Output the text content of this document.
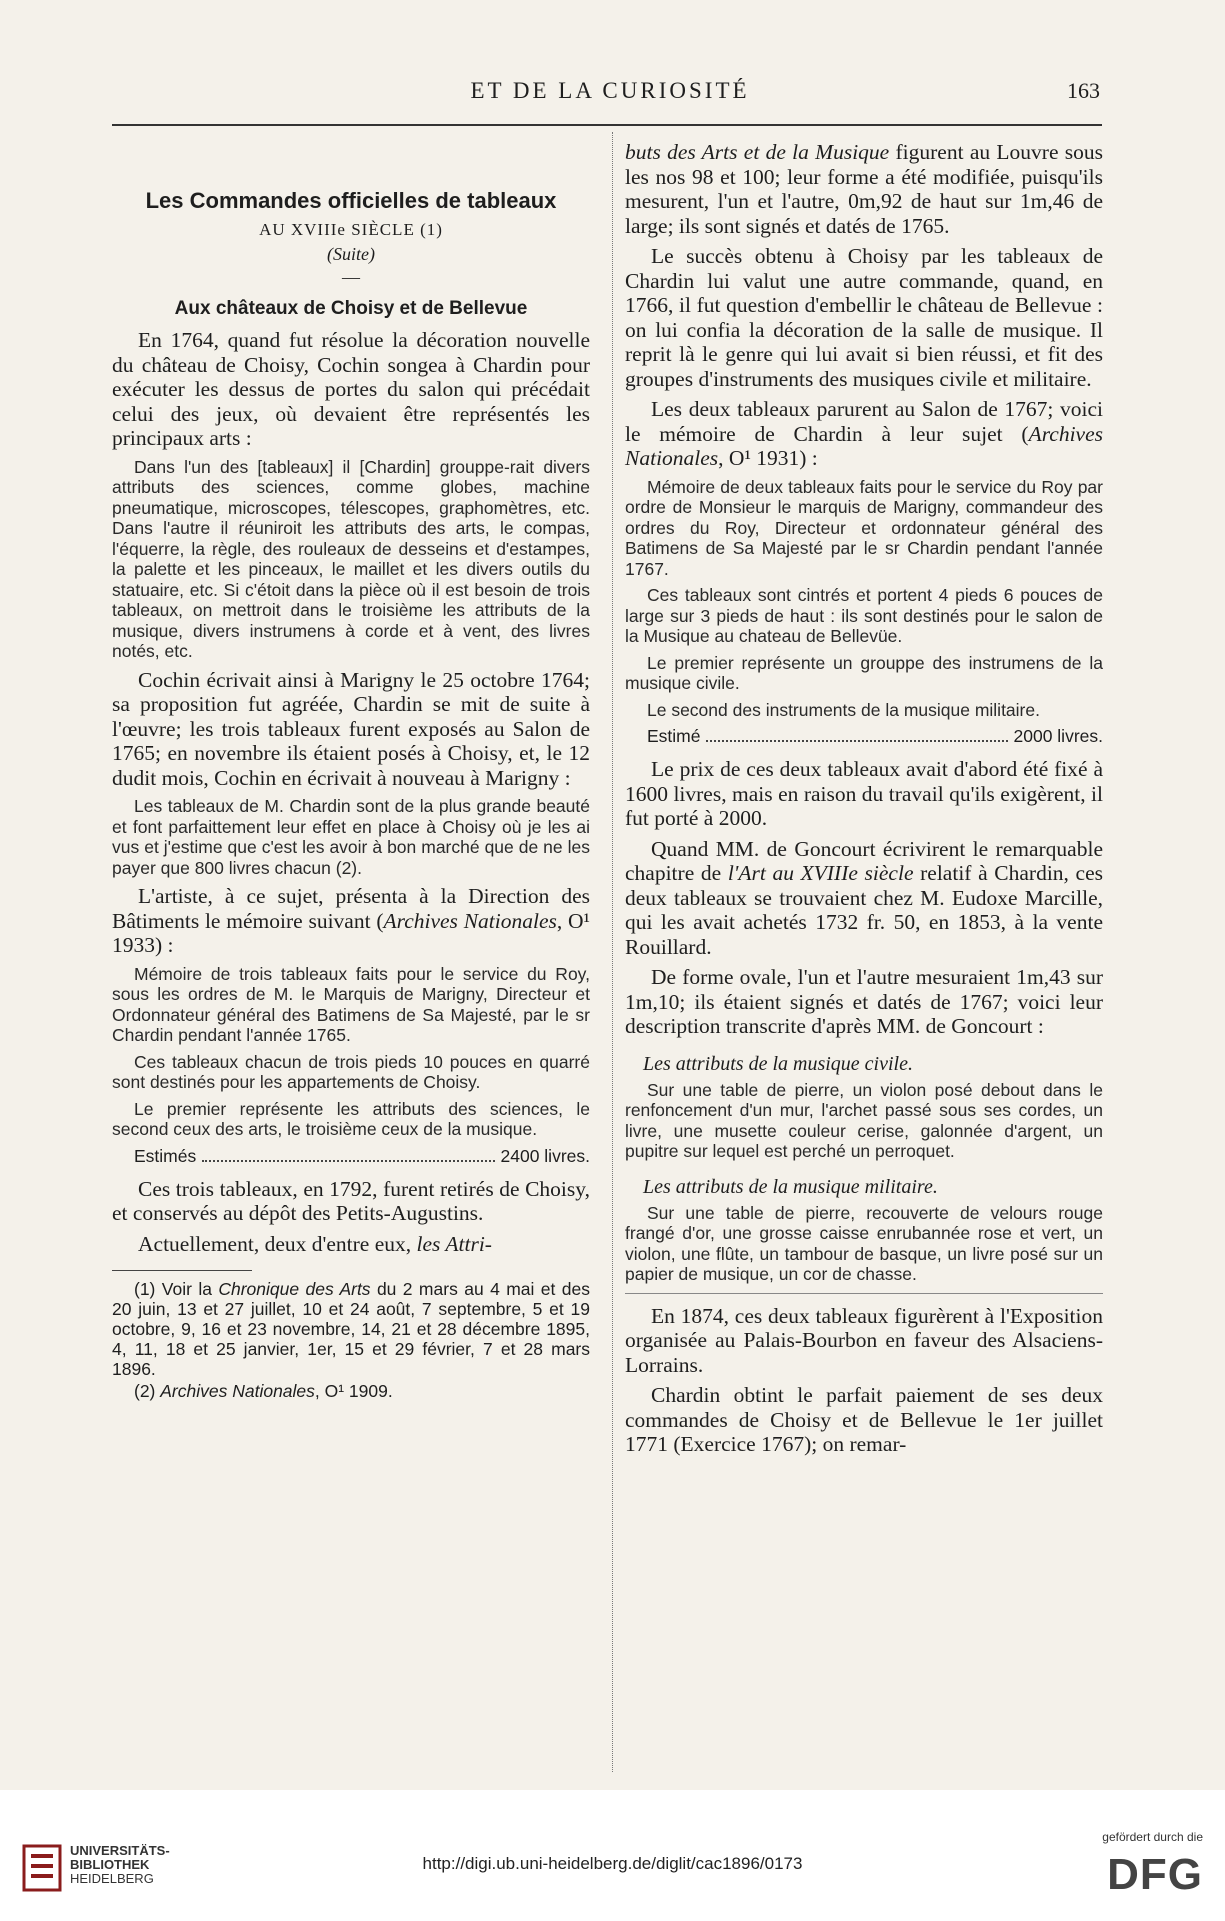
ET DE LA CURIOSITÉ	163
Les Commandes officielles de tableaux
AU XVIIIe SIÈCLE (1)
(Suite)
—
Aux châteaux de Choisy et de Bellevue

En 1764, quand fut résolue la décoration nouvelle du château de Choisy, Cochin songea à Chardin pour exécuter les dessus de portes du salon qui précédait celui des jeux, où devaient être représentés les principaux arts :

Dans l'un des [tableaux] il [Chardin] grouppe-rait divers attributs des sciences, comme globes, machine pneumatique, microscopes, télescopes, graphomètres, etc. Dans l'autre il réuniroit les attributs des arts, le compas, l'équerre, la règle, des rouleaux de desseins et d'estampes, la palette et les pinceaux, le maillet et les divers outils du statuaire, etc. Si c'étoit dans la pièce où il est besoin de trois tableaux, on mettroit dans le troisième les attributs de la musique, divers instrumens à corde et à vent, des livres notés, etc.

Cochin écrivait ainsi à Marigny le 25 octobre 1764; sa proposition fut agréée, Chardin se mit de suite à l'œuvre; les trois tableaux furent exposés au Salon de 1765; en novembre ils étaient posés à Choisy, et, le 12 dudit mois, Cochin en écrivait à nouveau à Marigny :

Les tableaux de M. Chardin sont de la plus grande beauté et font parfaittement leur effet en place à Choisy où je les ai vus et j'estime que c'est les avoir à bon marché que de ne les payer que 800 livres chacun (2).

L'artiste, à ce sujet, présenta à la Direction des Bâtiments le mémoire suivant (Archives Nationales, O¹ 1933) :

Mémoire de trois tableaux faits pour le service du Roy, sous les ordres de M. le Marquis de Marigny, Directeur et Ordonnateur général des Batimens de Sa Majesté, par le sr Chardin pendant l'année 1765.

Ces tableaux chacun de trois pieds 10 pouces en quarré sont destinés pour les appartements de Choisy.

Le premier représente les attributs des sciences, le second ceux des arts, le troisième ceux de la musique.

Estimés	2400 livres.

Ces trois tableaux, en 1792, furent retirés de Choisy, et conservés au dépôt des Petits-Augustins.

Actuellement, deux d'entre eux, les Attri-

(1) Voir la Chronique des Arts du 2 mars au 4 mai et des 20 juin, 13 et 27 juillet, 10 et 24 août, 7 septembre, 5 et 19 octobre, 9, 16 et 23 novembre, 14, 21 et 28 décembre 1895, 4, 11, 18 et 25 janvier, 1er, 15 et 29 février, 7 et 28 mars 1896.

(2) Archives Nationales, O¹ 1909.

buts des Arts et de la Musique figurent au Louvre sous les nos 98 et 100; leur forme a été modifiée, puisqu'ils mesurent, l'un et l'autre, 0m,92 de haut sur 1m,46 de large; ils sont signés et datés de 1765.

Le succès obtenu à Choisy par les tableaux de Chardin lui valut une autre commande, quand, en 1766, il fut question d'embellir le château de Bellevue : on lui confia la décoration de la salle de musique. Il reprit là le genre qui lui avait si bien réussi, et fit des groupes d'instruments des musiques civile et militaire.

Les deux tableaux parurent au Salon de 1767; voici le mémoire de Chardin à leur sujet (Archives Nationales, O¹ 1931) :

Mémoire de deux tableaux faits pour le service du Roy par ordre de Monsieur le marquis de Marigny, commandeur des ordres du Roy, Directeur et ordonnateur général des Batimens de Sa Majesté par le sr Chardin pendant l'année 1767.

Ces tableaux sont cintrés et portent 4 pieds 6 pouces de large sur 3 pieds de haut : ils sont destinés pour le salon de la Musique au chateau de Bellevüe.

Le premier représente un grouppe des instrumens de la musique civile.

Le second des instruments de la musique militaire.

Estimé	2000 livres.

Le prix de ces deux tableaux avait d'abord été fixé à 1600 livres, mais en raison du travail qu'ils exigèrent, il fut porté à 2000.

Quand MM. de Goncourt écrivirent le remarquable chapitre de l'Art au XVIIIe siècle relatif à Chardin, ces deux tableaux se trouvaient chez M. Eudoxe Marcille, qui les avait achetés 1732 fr. 50, en 1853, à la vente Rouillard.

De forme ovale, l'un et l'autre mesuraient 1m,43 sur 1m,10; ils étaient signés et datés de 1767; voici leur description transcrite d'après MM. de Goncourt :

Les attributs de la musique civile.

Sur une table de pierre, un violon posé debout dans le renfoncement d'un mur, l'archet passé sous ses cordes, un livre, une musette couleur cerise, galonnée d'argent, un pupitre sur lequel est perché un perroquet.

Les attributs de la musique militaire.

Sur une table de pierre, recouverte de velours rouge frangé d'or, une grosse caisse enrubannée rose et vert, un violon, une flûte, un tambour de basque, un livre posé sur un papier de musique, un cor de chasse.

En 1874, ces deux tableaux figurèrent à l'Exposition organisée au Palais-Bourbon en faveur des Alsaciens-Lorrains.

Chardin obtint le parfait paiement de ses deux commandes de Choisy et de Bellevue le 1er juillet 1771 (Exercice 1767); on remar-

UNIVERSITÄTS-
BIBLIOTHEK
HEIDELBERG
http://digi.ub.uni-heidelberg.de/diglit/cac1896/0173
gefördert durch die
DFG
